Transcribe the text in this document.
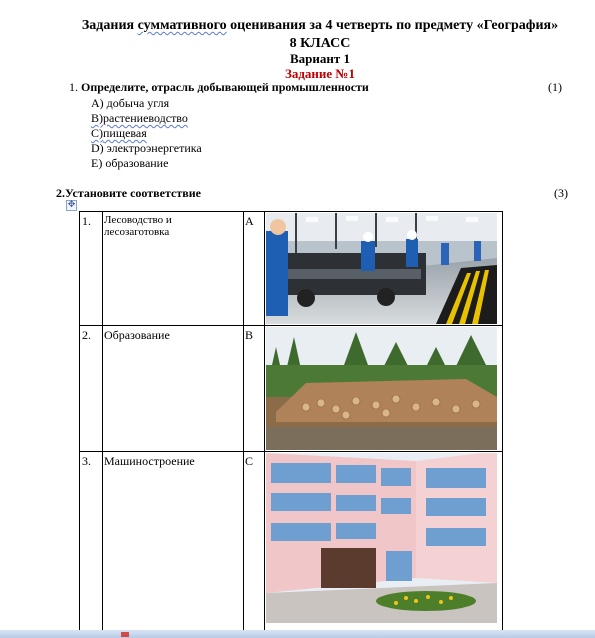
Задания суммативного оценивания за 4 четверть по предмету «География»
8 КЛАСС
Вариант 1
Задание №1
1. Определите, отрасль добывающей промышленности	(1)
A) добыча угля
B)растениеводство
C)пищевая
D) электроэнергетика
E) образование
2.Установите соответствие	(3)
✥
1.	Лесоводство и лесозаготовка	A	

2.	Образование	B	

3.	Машиностроение	C	
